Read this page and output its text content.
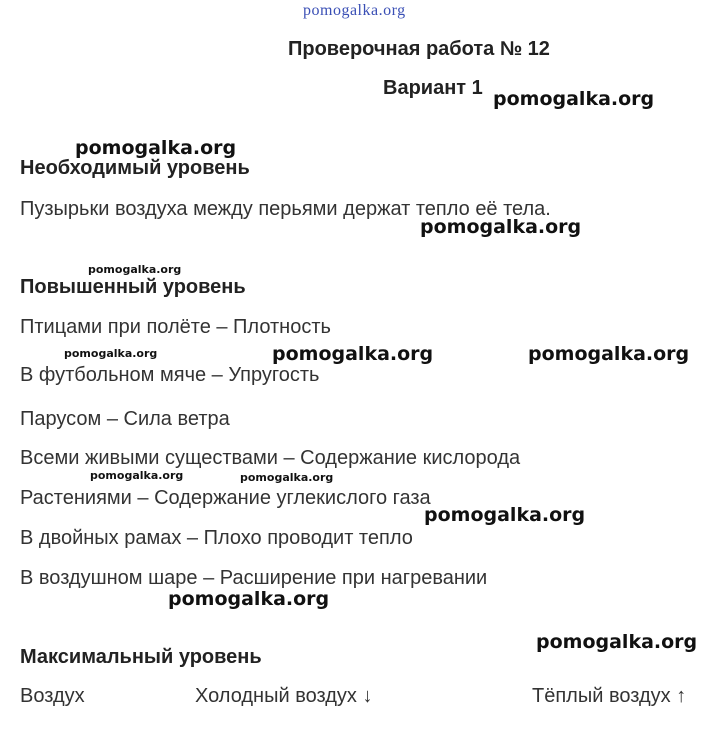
pomogalka.org
pomogalka.org
pomogalka.org
pomogalka.org
pomogalka.org
pomogalka.org	pomogalka.org	pomogalka.org
pomogalka.org	pomogalka.org
pomogalka.org
pomogalka.org
pomogalka.org
Проверочная работа № 12
Вариант 1
Необходимый уровень
Пузырьки воздуха между перьями держат тепло её тела.
Повышенный уровень
Птицами при полёте – Плотность
В футбольном мяче – Упругость
Парусом – Сила ветра
Всеми живыми существами – Содержание кислорода
Растениями – Содержание углекислого газа
В двойных рамах – Плохо проводит тепло
В воздушном шаре – Расширение при нагревании
Максимальный уровень
Воздух	Холодный воздух ↓	Тёплый воздух ↑
